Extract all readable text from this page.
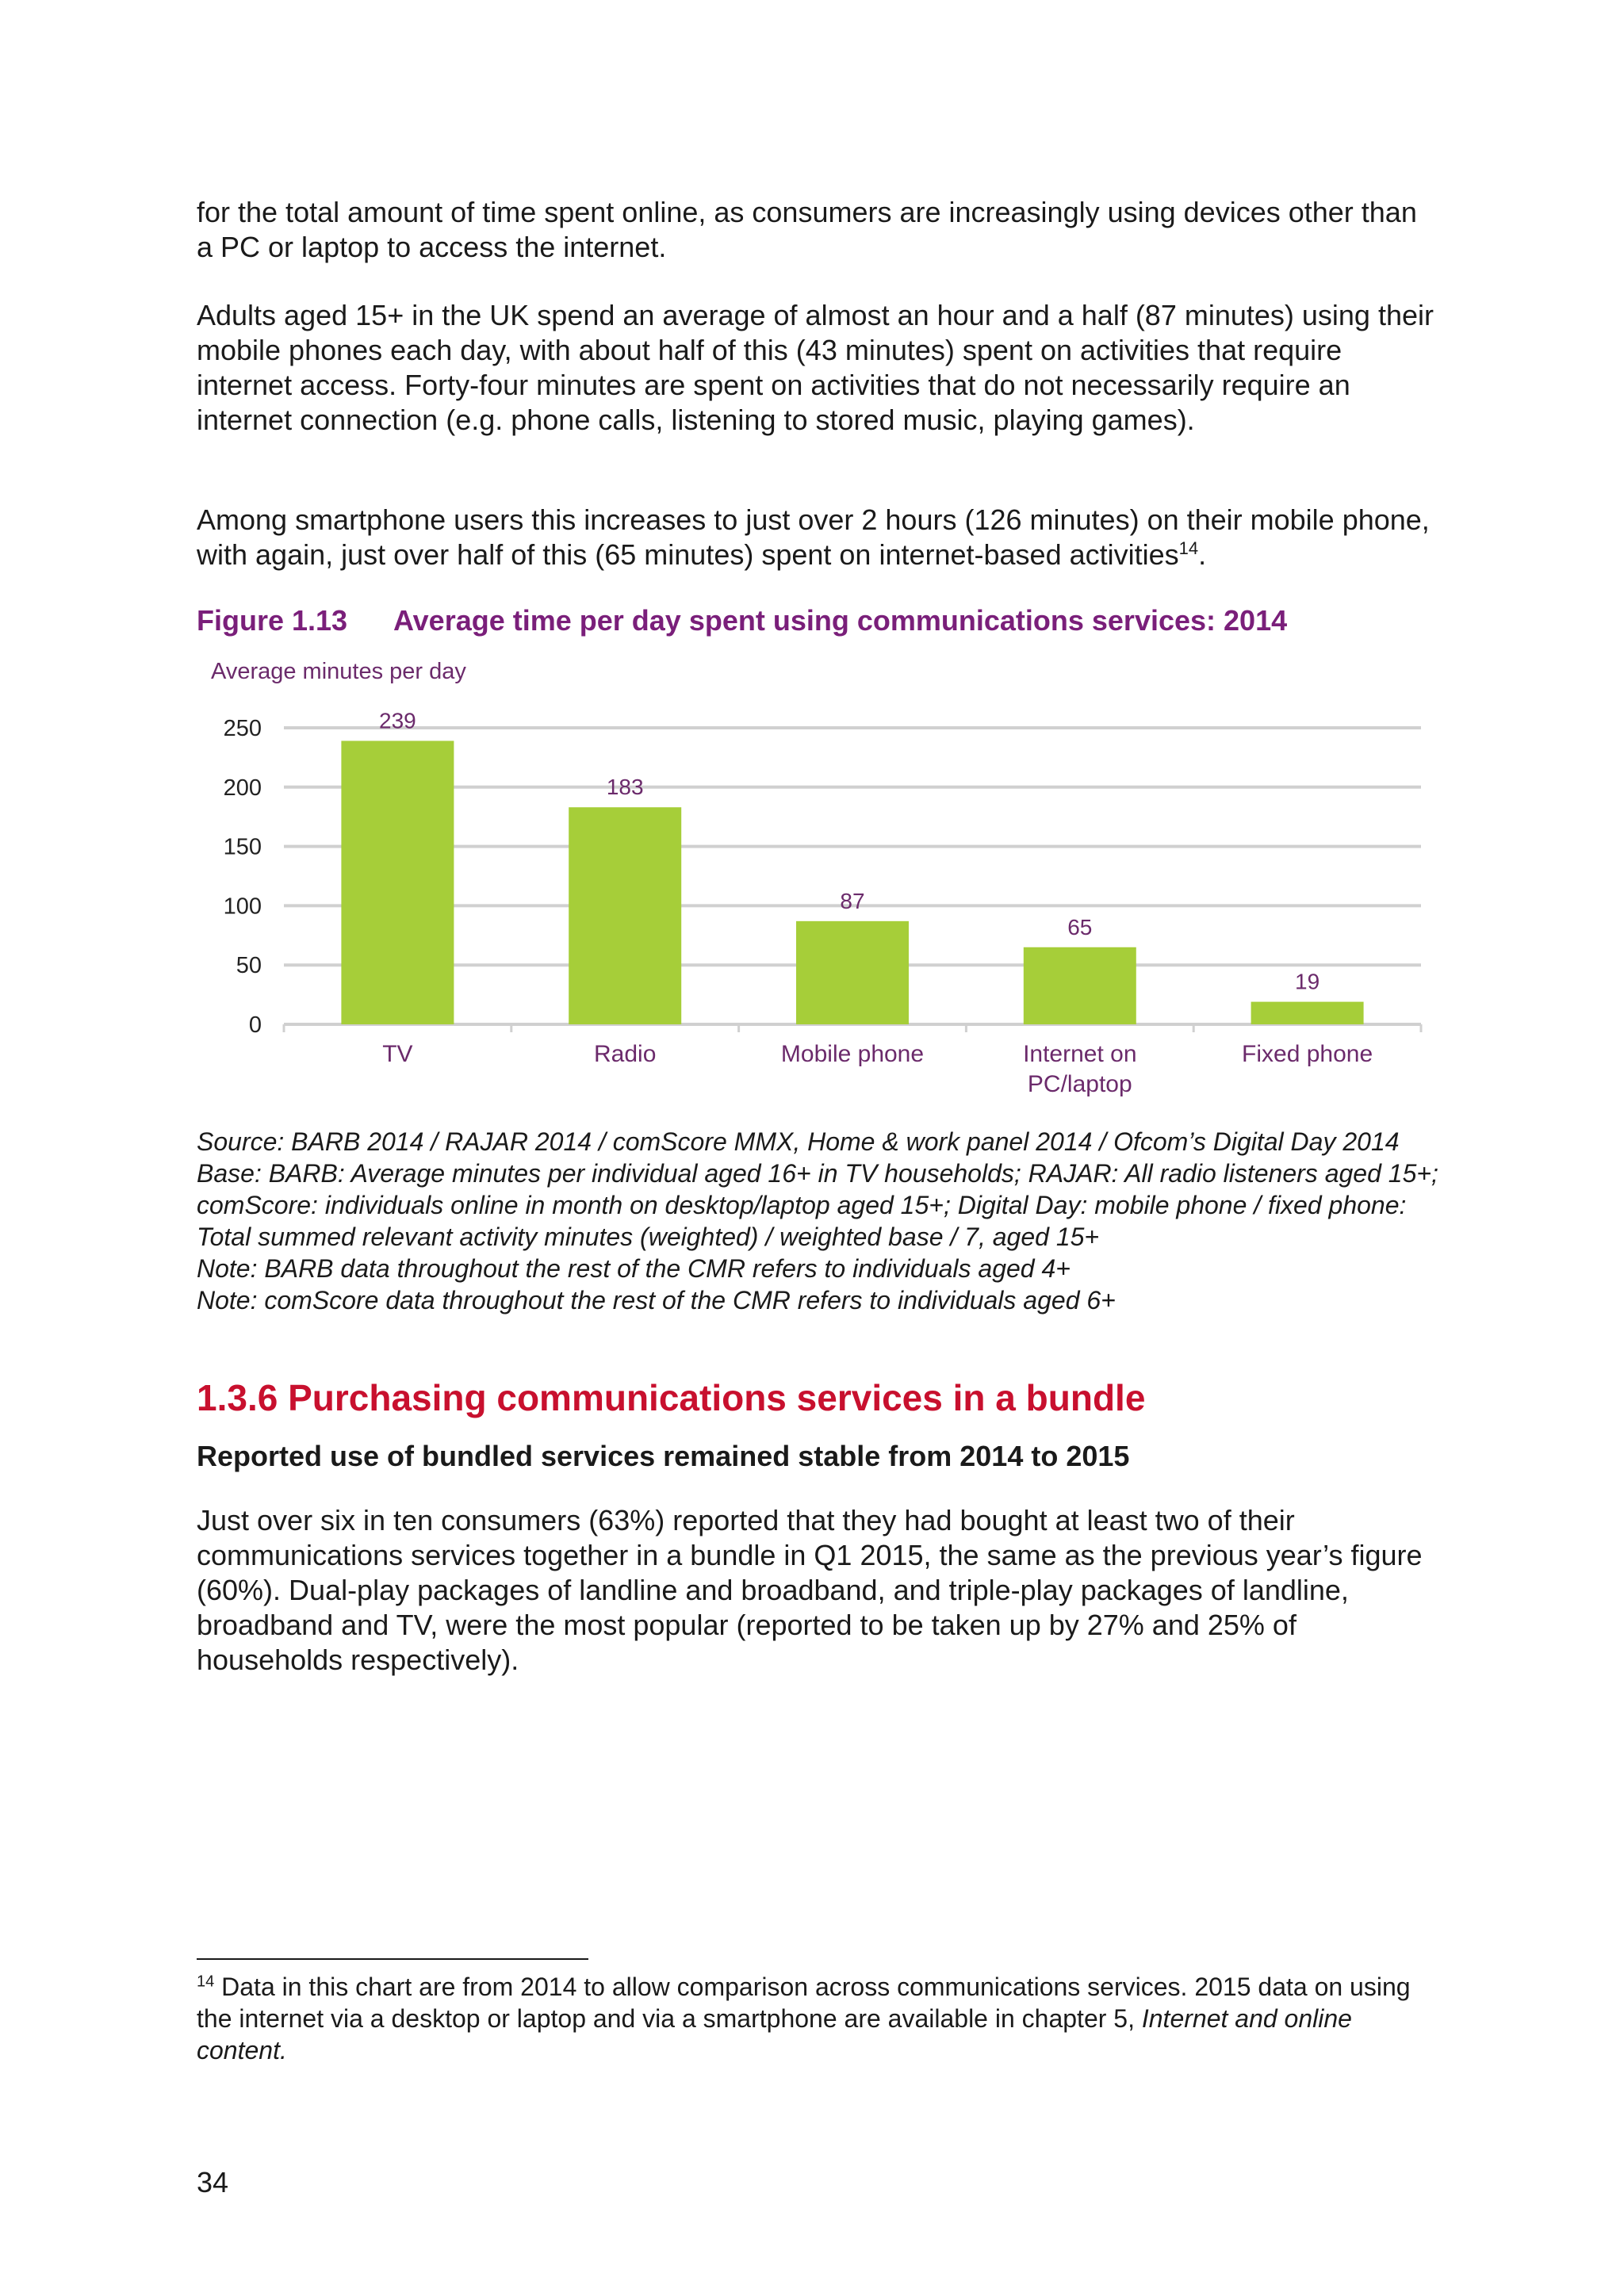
for the total amount of time spent online, as consumers are increasingly using devices other than a PC or laptop to access the internet.

Adults aged 15+ in the UK spend an average of almost an hour and a half (87 minutes) using their mobile phones each day, with about half of this (43 minutes) spent on activities that require internet access. Forty-four minutes are spent on activities that do not necessarily require an internet connection (e.g. phone calls, listening to stored music, playing games).

Among smartphone users this increases to just over 2 hours (126 minutes) on their mobile phone, with again, just over half of this (65 minutes) spent on internet-based activities$^{14}$.

Figure 1.13 Average time per day spent using communications services: 2014
0
50
100
150
200
250	239
TV
183
Radio
87
Mobile phone
65
Internet on
PC/laptop
19
Fixed phone
Average minutes per day
Source: BARB 2014 / RAJAR 2014 / comScore MMX, Home & work panel 2014 / Ofcom’s Digital Day 2014
Base: BARB: Average minutes per individual aged 16+ in TV households; RAJAR: All radio listeners aged 15+; comScore: individuals online in month on desktop/laptop aged 15+; Digital Day: mobile phone / fixed phone: Total summed relevant activity minutes (weighted) / weighted base / 7, aged 15+
Note: BARB data throughout the rest of the CMR refers to individuals aged 4+
Note: comScore data throughout the rest of the CMR refers to individuals aged 6+
1.3.6 Purchasing communications services in a bundle
Reported use of bundled services remained stable from 2014 to 2015

Just over six in ten consumers (63%) reported that they had bought at least two of their communications services together in a bundle in Q1 2015, the same as the previous year’s figure (60%). Dual-play packages of landline and broadband, and triple-play packages of landline, broadband and TV, were the most popular (reported to be taken up by 27% and 25% of households respectively).

$^{14}$ Data in this chart are from 2014 to allow comparison across communications services. 2015 data on using the internet via a desktop or laptop and via a smartphone are available in chapter 5, Internet and online content.

34
